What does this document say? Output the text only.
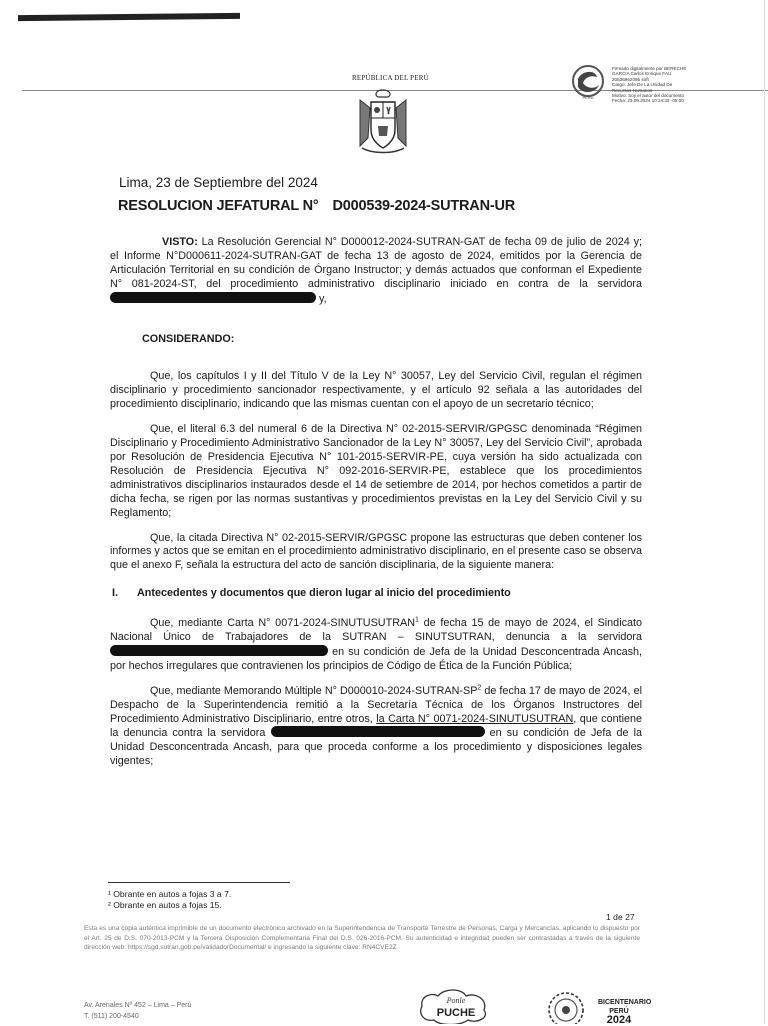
REPÚBLICA DEL PERÚ
PERU
Firmado digitalmente por BERECHE
GARCIA Carlos Enrique FAU
20536962095 soft
Cargo: Jefe De La Unidad De
Recursos Humanos
Motivo: Soy el autor del documento
Fecha: 23.09.2024 10:24:33 -05:00
Lima, 23 de Septiembre del 2024
RESOLUCION JEFATURAL N° D000539-2024-SUTRAN-UR

VISTO: La Resolución Gerencial N° D000012-2024-SUTRAN-GAT de fecha 09 de julio de 2024 y; el Informe N°D000611-2024-SUTRAN-GAT de fecha 13 de agosto de 2024, emitidos por la Gerencia de Articulación Territorial en su condición de Órgano Instructor; y demás actuados que conforman el Expediente N° 081-2024-ST, del procedimiento administrativo disciplinario iniciado en contra de la servidora  y,

CONSIDERANDO:

Que, los capítulos I y II del Título V de la Ley N° 30057, Ley del Servicio Civil, regulan el régimen disciplinario y procedimiento sancionador respectivamente, y el artículo 92 señala a las autoridades del procedimiento disciplinario, indicando que las mismas cuentan con el apoyo de un secretario técnico;

Que, el literal 6.3 del numeral 6 de la Directiva N° 02-2015-SERVIR/GPGSC denominada “Régimen Disciplinario y Procedimiento Administrativo Sancionador de la Ley N° 30057, Ley del Servicio Civil”, aprobada por Resolución de Presidencia Ejecutiva N° 101-2015-SERVIR-PE, cuya versión ha sido actualizada con Resolución de Presidencia Ejecutiva N° 092-2016-SERVIR-PE, establece que los procedimientos administrativos disciplinarios instaurados desde el 14 de setiembre de 2014, por hechos cometidos a partir de dicha fecha, se rigen por las normas sustantivas y procedimientos previstas en la Ley del Servicio Civil y su Reglamento;

Que, la citada Directiva N° 02-2015-SERVIR/GPGSC propone las estructuras que deben contener los informes y actos que se emitan en el procedimiento administrativo disciplinario, en el presente caso se observa que el anexo F, señala la estructura del acto de sanción disciplinaria, de la siguiente manera:

I. Antecedentes y documentos que dieron lugar al inicio del procedimiento

Que, mediante Carta N° 0071-2024-SINUTUSUTRAN$^1$ de fecha 15 de mayo de 2024, el Sindicato Nacional Único de Trabajadores de la SUTRAN – SINUTSUTRAN, denuncia a la servidora  en su condición de Jefa de la Unidad Desconcentrada Ancash, por hechos irregulares que contravienen los principios de Código de Ética de la Función Pública;

Que, mediante Memorando Múltiple N° $D000010-2024-SUTRAN-SP^2$ de fecha 17 de mayo de 2024, el Despacho de la Superintendencia remitió a la Secretaría Técnica de los Órganos Instructores del Procedimiento Administrativo Disciplinario, entre otros, la Carta N° 0071-2024-SINUTUSUTRAN, que contiene la denuncia contra la servidora	en su condición de Jefa de la Unidad Desconcentrada Ancash, para que proceda conforme a los procedimiento y disposiciones legales vigentes;

¹ Obrante en autos a fojas 3 a 7.
² Obrante en autos a fojas 15.
1 de 27
Esta es una copia auténtica imprimible de un documento electrónico archivado en la Superintendencia de Transporte Terrestre de Personas, Carga y Mercancías, aplicando lo dispuesto por el Art. 25 de D.S. 070-2013-PCM y la Tercera Disposición Complementaria Final del D.S. 026-2016-PCM. Su autenticidad e integridad pueden ser contrastadas a través de la siguiente dirección web: https://sgd.sutran.gob.pe/validadorDocumental/ e ingresando la siguiente clave: RN4CVE2Z
Av. Arenales Nº 452 – Lima – Perú
T. (511) 200-4540
Ponle
PUCHE
BICENTENARIO
PERÚ
2024
